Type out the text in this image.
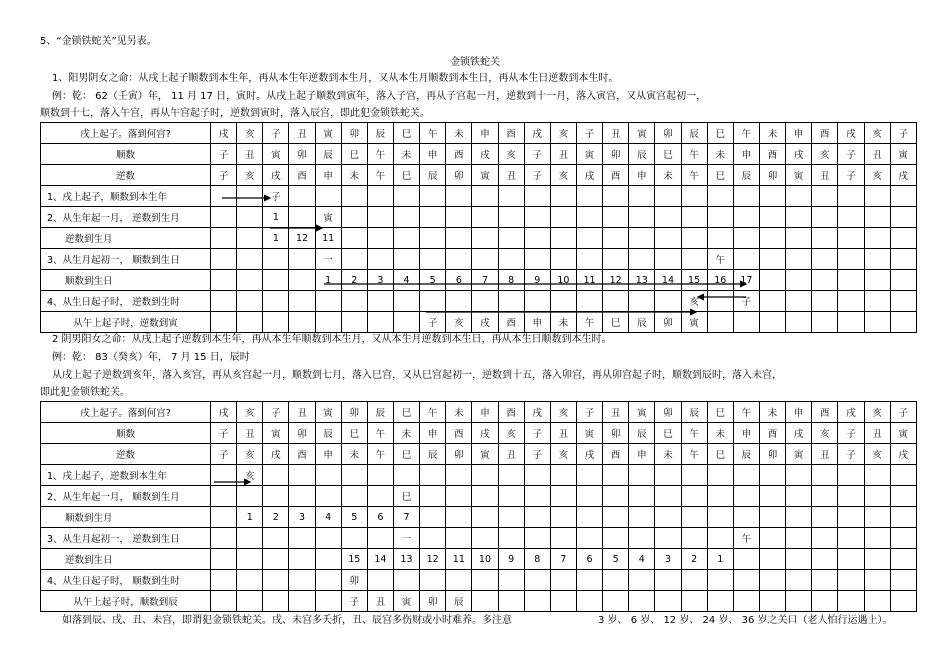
5、“金锁铁蛇关”见另表。
金锁铁蛇关
1、阳男阴女之命：从戌上起子顺数到本生年，再从本生年逆数到本生月，又从本生月顺数到本生日，再从本生日逆数到本生时。
例：乾： 62（壬寅）年， 11 月 17 日，寅时。从戌上起子顺数到寅年，落入子宫，再从子宫起一月，逆数到十一月，落入寅宫，又从寅宫起初一，
顺数到十七，落入午宫，再从午宫起子时，逆数到寅时，落入辰宫，即此犯金锁铁蛇关。
戌上起子。落到何宫?	戌	亥	子	丑	寅	卯	辰	巳	午	未	申	酉	戌	亥	子	丑	寅	卯	辰	巳	午	未	申	酉	戌	亥	子
顺数	子	丑	寅	卯	辰	巳	午	未	申	酉	戌	亥	子	丑	寅	卯	辰	巳	午	未	申	酉	戌	亥	子	丑	寅
逆数	子	亥	戌	酉	申	未	午	巳	辰	卯	寅	丑	子	亥	戌	酉	申	未	午	巳	辰	卯	寅	丑	子	亥	戌
1、戌上起子，顺数到本生年			子																								
2、从生年起一月， 逆数到生月			1		寅																						
逆数到生月			1	12	11																						
3、从生月起初一， 顺数到生日					一															午							
顺数到生日					1	2	3	4	5	6	7	8	9	10	11	12	13	14	15	16	17						
4、从生日起子时， 逆数到生时																			亥		子						
从午上起子时，逆数到寅									子	亥	戌	酉	申	未	午	巳	辰	卯	寅								
2 阴男阳女之命：从戌上起子逆数到本生年，再从本生年顺数到本生月，又从本生月逆数到本生日，再从本生日顺数到本生时。
例：乾： 83（癸亥）年， 7 月 15 日，辰时
从戌上起子逆数到亥年，落入亥宫，再从亥宫起一月，顺数到七月，落入巳宫，又从巳宫起初一，逆数到十五，落入卯宫，再从卯宫起子时，顺数到辰时，落入未宫，
即此犯金锁铁蛇关。
戌上起子。落到何宫?	戌	亥	子	丑	寅	卯	辰	巳	午	未	申	酉	戌	亥	子	丑	寅	卯	辰	巳	午	未	申	酉	戌	亥	子
顺数	子	丑	寅	卯	辰	巳	午	未	申	酉	戌	亥	子	丑	寅	卯	辰	巳	午	未	申	酉	戌	亥	子	丑	寅
逆数	子	亥	戌	酉	申	未	午	巳	辰	卯	寅	丑	子	亥	戌	酉	申	未	午	巳	辰	卯	寅	丑	子	亥	戌
1、戌上起子，逆数到本生年		亥																									
2、从生年起一月， 顺数到生月								巳																			
顺数到生月		1	2	3	4	5	6	7																			
3、从生月起初一， 逆数到生日								一													午						
逆数到生日						15	14	13	12	11	10	9	8	7	6	5	4	3	2	1							
4、从生日起子时， 顺数到生时						卯																					
从午上起子时，顺数到辰						子	丑	寅	卯	辰																	
如落到辰、戌、丑、未宫，即谓犯金锁铁蛇关。戌、未宫多夭折，丑、辰宫多伤财或小时难养。多注意	3 岁、 6 岁、 12 岁、 24 岁、 36 岁之关口（老人怕行运遇上）。
